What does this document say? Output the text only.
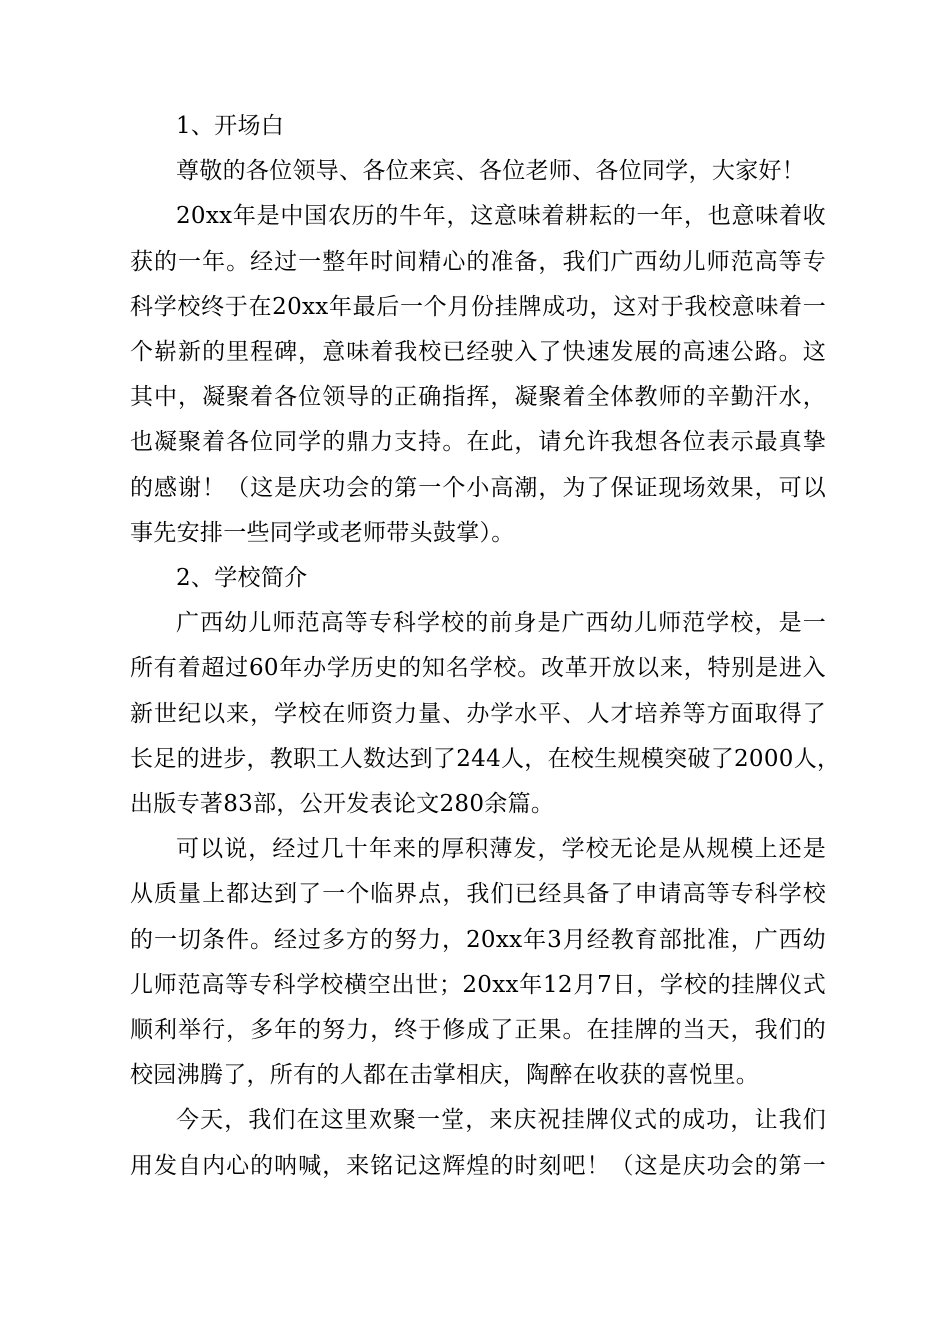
1、开场白
尊敬的各位领导、各位来宾、各位老师、各位同学，大家好！
20xx年是中国农历的牛年，这意味着耕耘的一年，也意味着收
获的一年。经过一整年时间精心的准备，我们广西幼儿师范高等专
科学校终于在20xx年最后一个月份挂牌成功，这对于我校意味着一
个崭新的里程碑，意味着我校已经驶入了快速发展的高速公路。这
其中，凝聚着各位领导的正确指挥，凝聚着全体教师的辛勤汗水，
也凝聚着各位同学的鼎力支持。在此，请允许我想各位表示最真挚
的感谢！（这是庆功会的第一个小高潮，为了保证现场效果，可以
事先安排一些同学或老师带头鼓掌）。
2、学校简介
广西幼儿师范高等专科学校的前身是广西幼儿师范学校，是一
所有着超过60年办学历史的知名学校。改革开放以来，特别是进入
新世纪以来，学校在师资力量、办学水平、人才培养等方面取得了
长足的进步，教职工人数达到了244人，在校生规模突破了2000人，
出版专著83部，公开发表论文280余篇。
可以说，经过几十年来的厚积薄发，学校无论是从规模上还是
从质量上都达到了一个临界点，我们已经具备了申请高等专科学校
的一切条件。经过多方的努力，20xx年3月经教育部批准，广西幼
儿师范高等专科学校横空出世；20xx年12月7日，学校的挂牌仪式
顺利举行，多年的努力，终于修成了正果。在挂牌的当天，我们的
校园沸腾了，所有的人都在击掌相庆，陶醉在收获的喜悦里。
今天，我们在这里欢聚一堂，来庆祝挂牌仪式的成功，让我们
用发自内心的呐喊，来铭记这辉煌的时刻吧！（这是庆功会的第一
